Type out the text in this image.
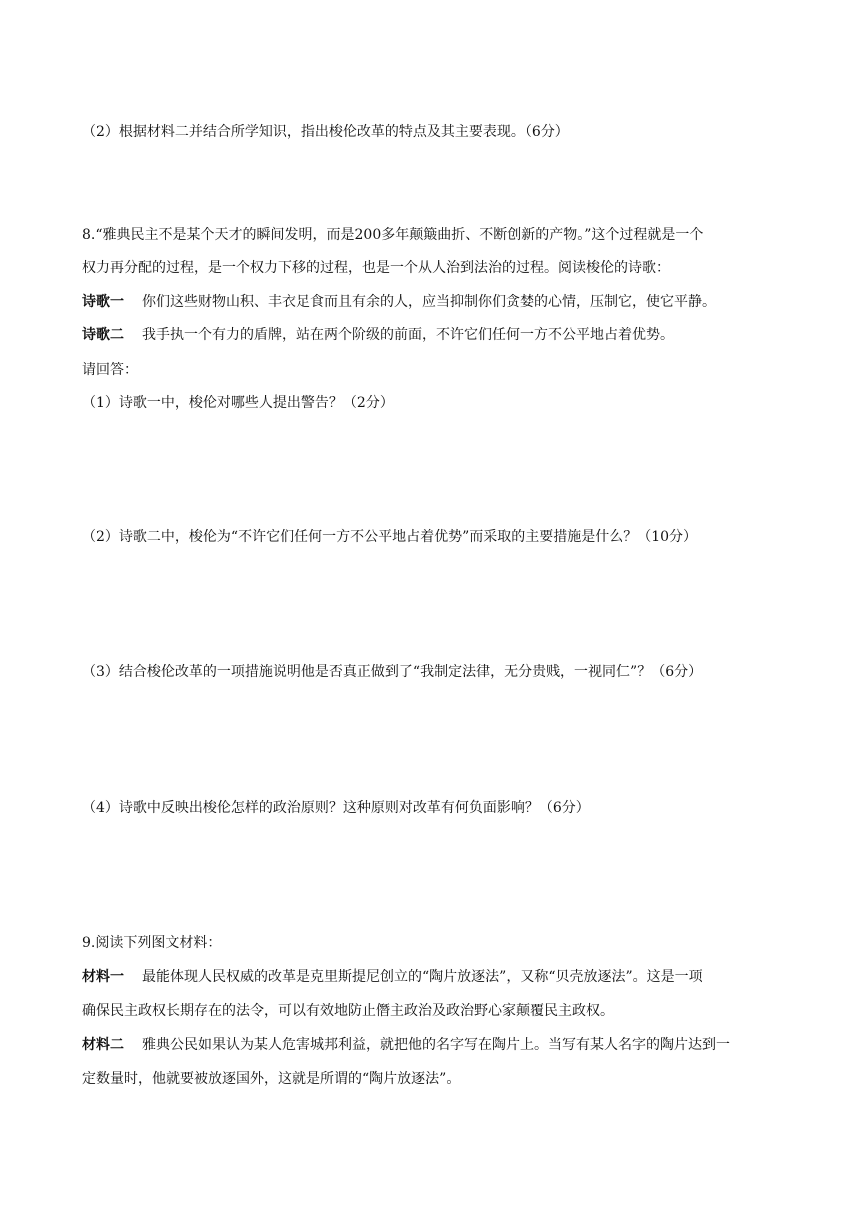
（2）根据材料二并结合所学知识，指出梭伦改革的特点及其主要表现。（6分）
8.“雅典民主不是某个天才的瞬间发明，而是200多年颠簸曲折、不断创新的产物。”这个过程就是一个
权力再分配的过程，是一个权力下移的过程，也是一个从人治到法治的过程。阅读梭伦的诗歌：
诗歌一 你们这些财物山积、丰衣足食而且有余的人，应当抑制你们贪婪的心情，压制它，使它平静。
诗歌二 我手执一个有力的盾牌，站在两个阶级的前面，不许它们任何一方不公平地占着优势。
请回答：
（1）诗歌一中，梭伦对哪些人提出警告？（2分）
（2）诗歌二中，梭伦为“不许它们任何一方不公平地占着优势”而采取的主要措施是什么？（10分）
（3）结合梭伦改革的一项措施说明他是否真正做到了“我制定法律，无分贵贱，一视同仁”？（6分）
（4）诗歌中反映出梭伦怎样的政治原则？这种原则对改革有何负面影响？（6分）
9.阅读下列图文材料：
材料一 最能体现人民权威的改革是克里斯提尼创立的“陶片放逐法”，又称“贝壳放逐法”。这是一项
确保民主政权长期存在的法令，可以有效地防止僭主政治及政治野心家颠覆民主政权。
材料二 雅典公民如果认为某人危害城邦利益，就把他的名字写在陶片上。当写有某人名字的陶片达到一
定数量时，他就要被放逐国外，这就是所谓的“陶片放逐法”。
